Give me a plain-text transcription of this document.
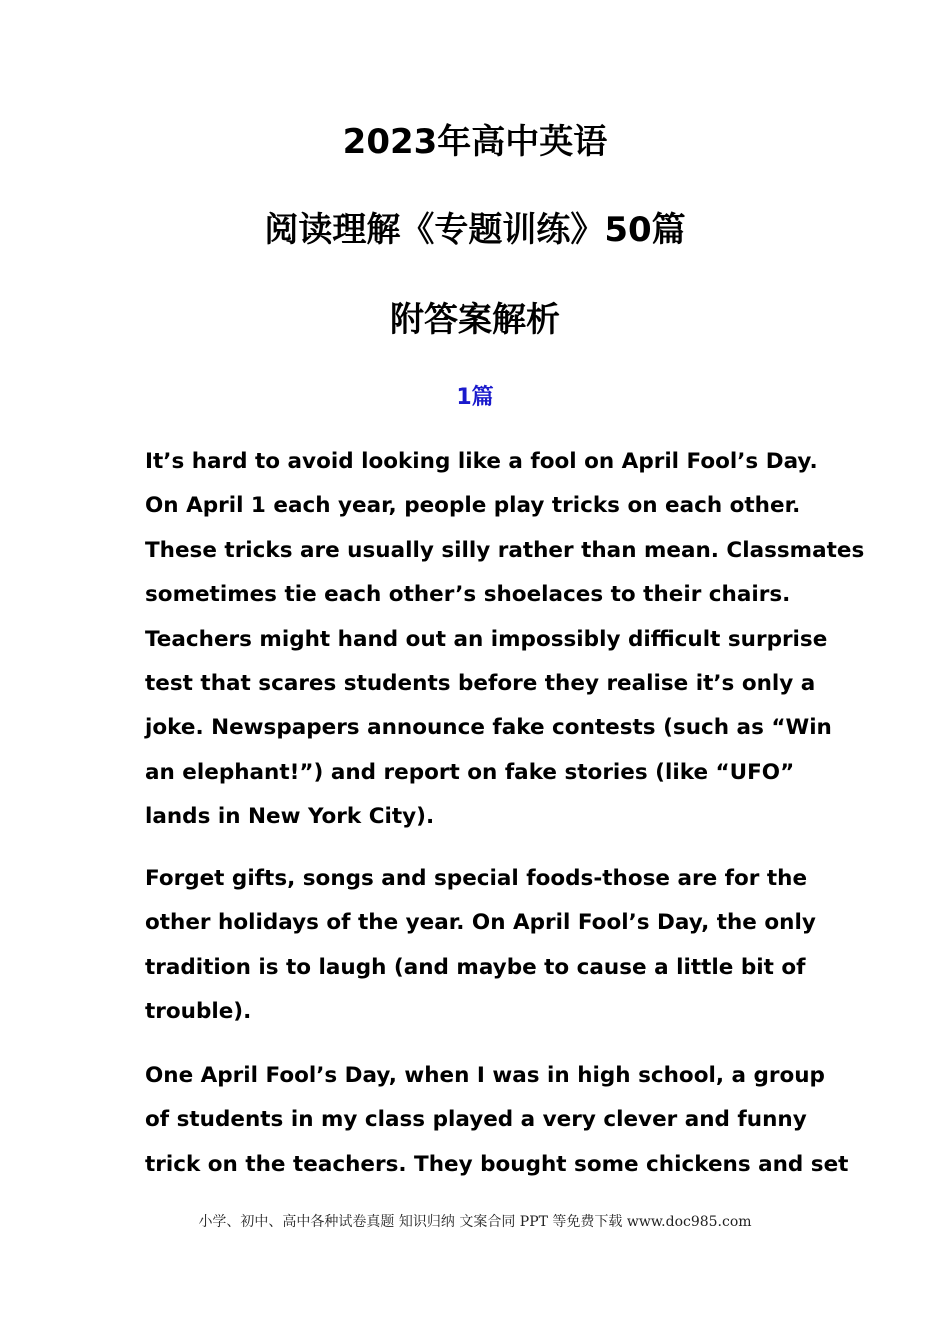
2023年高中英语
阅读理解《专题训练》50篇
附答案解析
1篇

It’s hard to avoid looking like a fool on April Fool’s Day.
On April 1 each year, people play tricks on each other.
These tricks are usually silly rather than mean. Classmates
sometimes tie each other’s shoelaces to their chairs.
Teachers might hand out an impossibly difficult surprise
test that scares students before they realise it’s only a
joke. Newspapers announce fake contests (such as “Win
an elephant!”) and report on fake stories (like “UFO”
lands in New York City).

Forget gifts, songs and special foods-those are for the
other holidays of the year. On April Fool’s Day, the only
tradition is to laugh (and maybe to cause a little bit of
trouble).

One April Fool’s Day, when I was in high school, a group
of students in my class played a very clever and funny
trick on the teachers. They bought some chickens and set

小学、初中、高中各种试卷真题 知识归纳 文案合同 PPT 等免费下载 www.doc985.com
